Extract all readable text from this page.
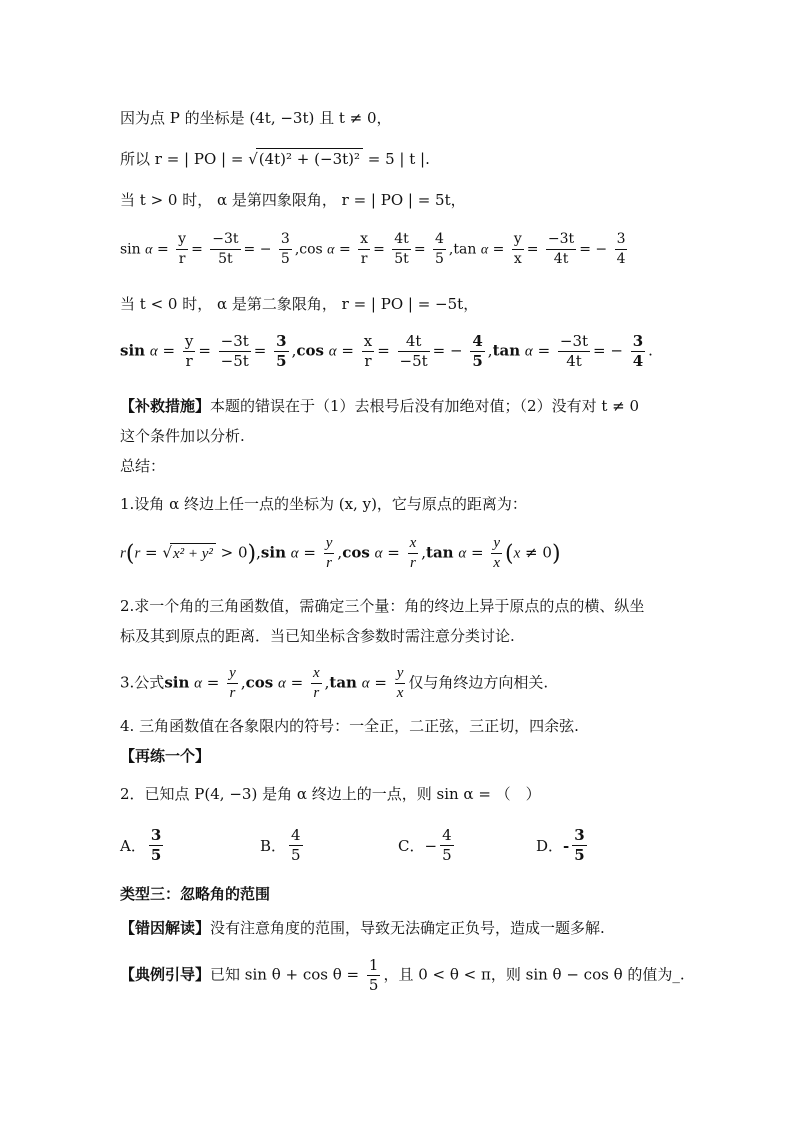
因为点 P 的坐标是 (4t, −3t) 且 t ≠ 0，
所以 r = | PO | = √(4t)² + (−3t)² = 5 | t |.
当 t > 0 时， α 是第四象限角， r = | PO | = 5t，
$\sin \alpha = \frac{y}{r} = \frac{-3t}{5t}$ = − $\frac{3}{5} ,\cos$ $\alpha = \frac{x}{r} = \frac{4t}{5t} = \frac{4}{5} ,\tan$ $\alpha = \frac{y}{x} = \frac{-3t}{4t}$ = − $\frac{3}{4}$
当 t < 0 时， α 是第二象限角， r = | PO | = −5t，
$\sin \alpha = \frac{y}{r} = \frac{-3t}{-5t} = \frac{3}{5} ,\cos$ $\alpha = \frac{x}{r} = \frac{4t}{-5t}$ = − $\frac{4}{5} ,\tan$ $\alpha = \frac{-3t}{4t}$ = − $\frac{3}{4}$ .
【补救措施】本题的错误在于（1）去根号后没有加绝对值；（2）没有对 t ≠ 0
这个条件加以分析.
总结：
1.设角 α 终边上任一点的坐标为 (x, y)，它与原点的距离为：
r(r = √x² + y² > 0),sin $\alpha = \frac{y}{r} ,\cos$ $\alpha = \frac{x}{r} ,\tan$ $\alpha = \frac{y}{x} (x \ne 0)$
2.求一个角的三角函数值，需确定三个量：角的终边上异于原点的点的横、纵坐
标及其到原点的距离．当已知坐标含参数时需注意分类讨论.
3.公式$\sin \alpha = \frac{y}{r} ,\cos$ $\alpha = \frac{x}{r} ,\tan$ $\alpha = \frac{y}{x}$ 仅与角终边方向相关.
4. 三角函数值在各象限内的符号：一全正，二正弦，三正切，四余弦.
【再练一个】
2．已知点 P(4, −3) 是角 α 终边上的一点，则 sin α = （　）
A． $\frac{3}{5}$	B． $\frac{4}{5}$	C． − $\frac{4}{5}$	D． - $\frac{3}{5}$
类型三：忽略角的范围
【错因解读】没有注意角度的范围，导致无法确定正负号，造成一题多解.
【典例引导】已知 $\sin \theta + \cos \theta = \frac{1}{5}$ ，且 0 < θ < π，则 sin θ − cos θ 的值为_.
